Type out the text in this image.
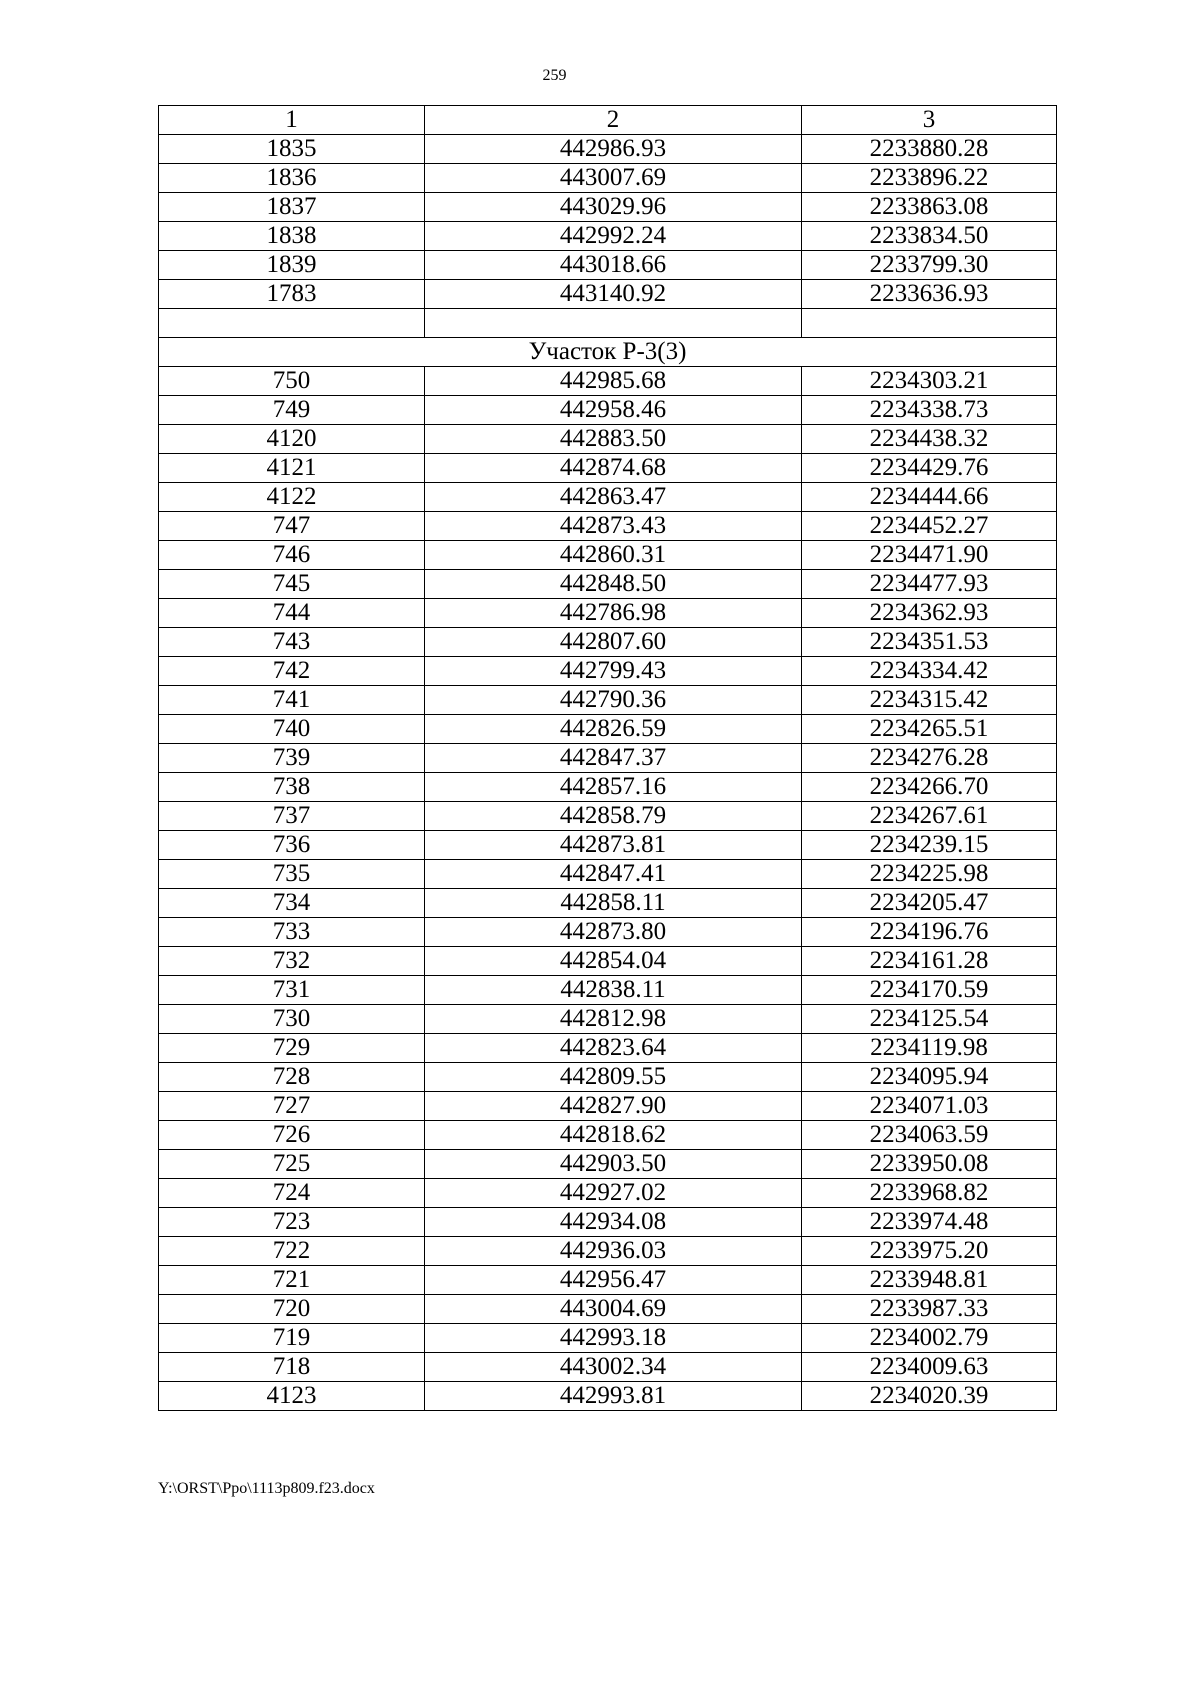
259
1	2	3
1835	442986.93	2233880.28
1836	443007.69	2233896.22
1837	443029.96	2233863.08
1838	442992.24	2233834.50
1839	443018.66	2233799.30
1783	443140.92	2233636.93

Участок Р-3(3)		
750	442985.68	2234303.21
749	442958.46	2234338.73
4120	442883.50	2234438.32
4121	442874.68	2234429.76
4122	442863.47	2234444.66
747	442873.43	2234452.27
746	442860.31	2234471.90
745	442848.50	2234477.93
744	442786.98	2234362.93
743	442807.60	2234351.53
742	442799.43	2234334.42
741	442790.36	2234315.42
740	442826.59	2234265.51
739	442847.37	2234276.28
738	442857.16	2234266.70
737	442858.79	2234267.61
736	442873.81	2234239.15
735	442847.41	2234225.98
734	442858.11	2234205.47
733	442873.80	2234196.76
732	442854.04	2234161.28
731	442838.11	2234170.59
730	442812.98	2234125.54
729	442823.64	2234119.98
728	442809.55	2234095.94
727	442827.90	2234071.03
726	442818.62	2234063.59
725	442903.50	2233950.08
724	442927.02	2233968.82
723	442934.08	2233974.48
722	442936.03	2233975.20
721	442956.47	2233948.81
720	443004.69	2233987.33
719	442993.18	2234002.79
718	443002.34	2234009.63
4123	442993.81	2234020.39
Y:\ORST\Ppo\1113p809.f23.docx
